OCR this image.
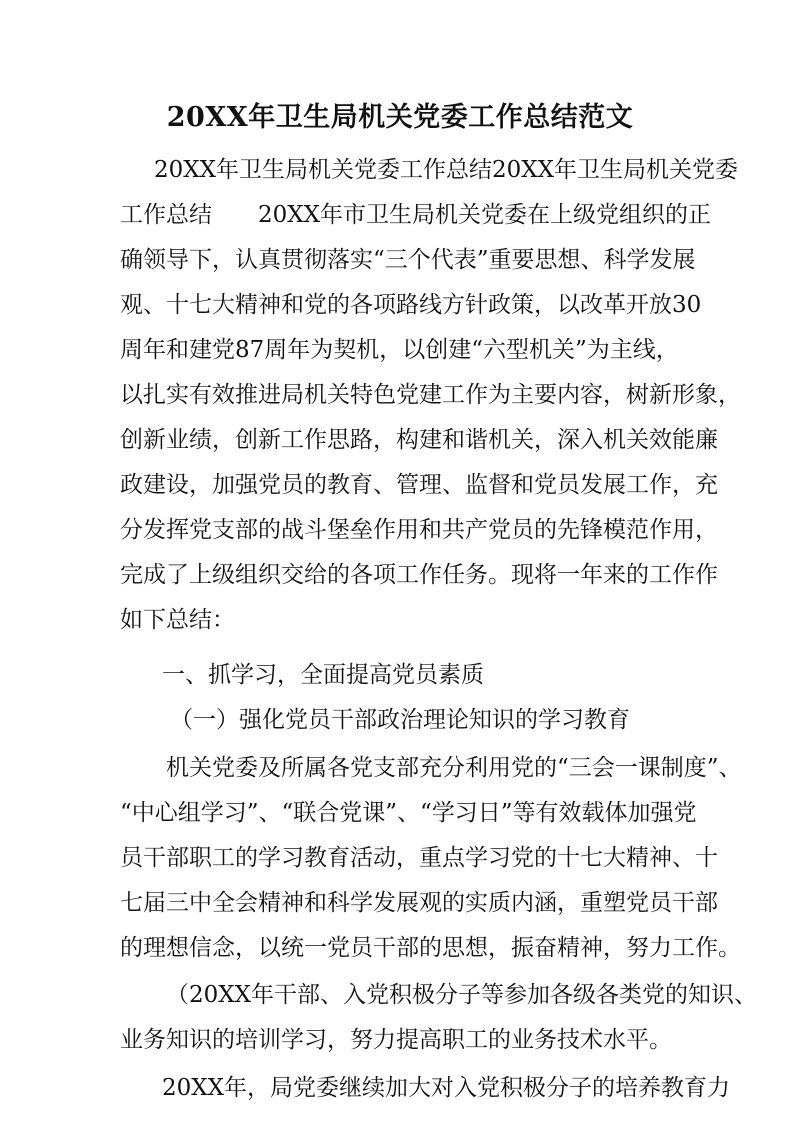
20XX年卫生局机关党委工作总结范文
20XX年卫生局机关党委工作总结20XX年卫生局机关党委
工作总结　　20XX年市卫生局机关党委在上级党组织的正
确领导下，认真贯彻落实“三个代表”重要思想、科学发展
观、十七大精神和党的各项路线方针政策，以改革开放30
周年和建党87周年为契机，以创建“六型机关”为主线，
以扎实有效推进局机关特色党建工作为主要内容，树新形象，
创新业绩，创新工作思路，构建和谐机关，深入机关效能廉
政建设，加强党员的教育、管理、监督和党员发展工作，充
分发挥党支部的战斗堡垒作用和共产党员的先锋模范作用，
完成了上级组织交给的各项工作任务。现将一年来的工作作
如下总结：
一、抓学习，全面提高党员素质
（一）强化党员干部政治理论知识的学习教育
机关党委及所属各党支部充分利用党的“三会一课制度”、
“中心组学习”、“联合党课”、“学习日”等有效载体加强党
员干部职工的学习教育活动，重点学习党的十七大精神、十
七届三中全会精神和科学发展观的实质内涵，重塑党员干部
的理想信念，以统一党员干部的思想，振奋精神，努力工作。
（20XX年干部、入党积极分子等参加各级各类党的知识、
业务知识的培训学习，努力提高职工的业务技术水平。
20XX年，局党委继续加大对入党积极分子的培养教育力
